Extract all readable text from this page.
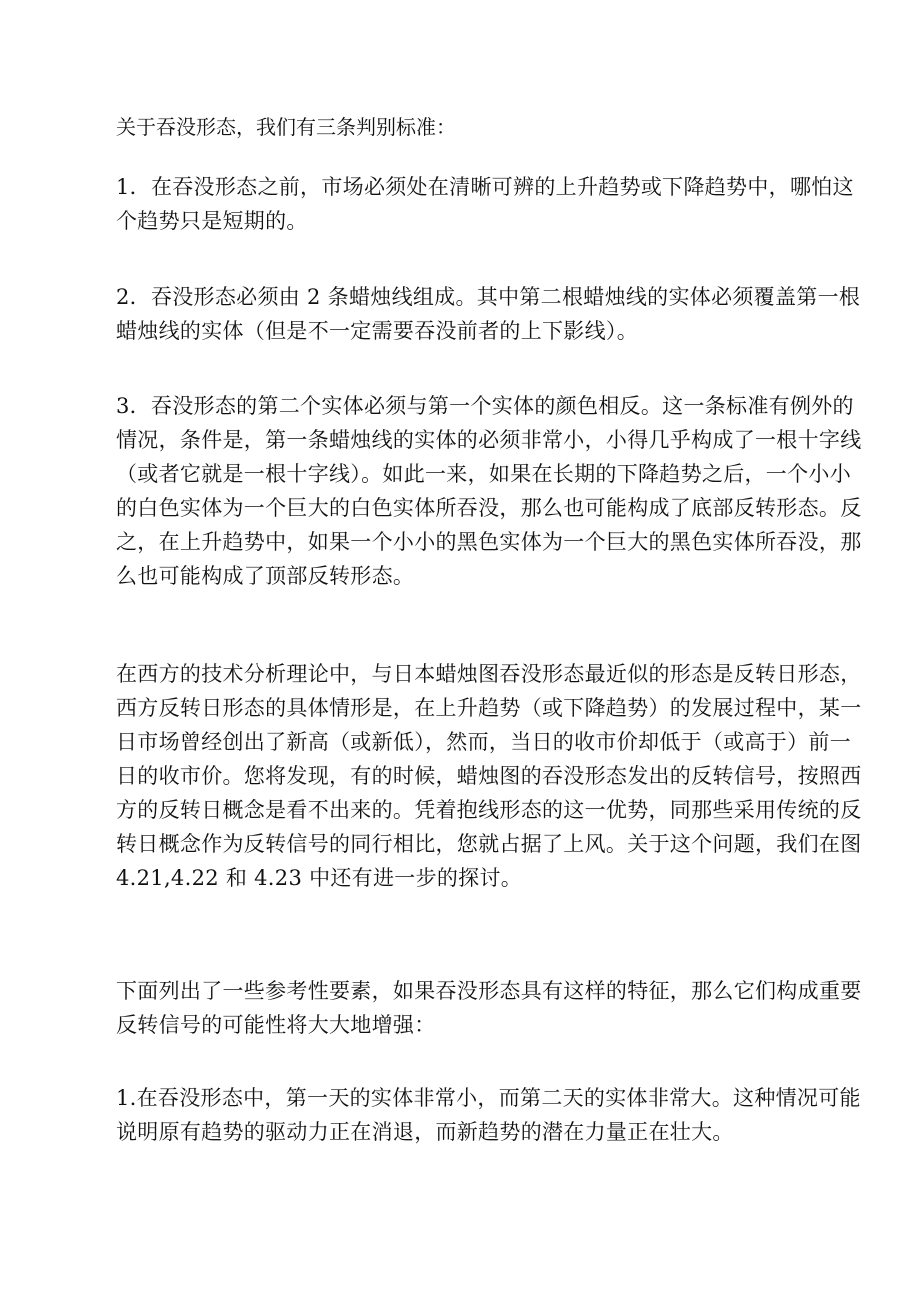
关于吞没形态，我们有三条判别标准：

1．在吞没形态之前，市场必须处在清晰可辨的上升趋势或下降趋势中，哪怕这个趋势只是短期的。

2．吞没形态必须由 2 条蜡烛线组成。其中第二根蜡烛线的实体必须覆盖第一根蜡烛线的实体（但是不一定需要吞没前者的上下影线）。

3．吞没形态的第二个实体必须与第一个实体的颜色相反。这一条标准有例外的情况，条件是，第一条蜡烛线的实体的必须非常小，小得几乎构成了一根十字线（或者它就是一根十字线）。如此一来，如果在长期的下降趋势之后，一个小小的白色实体为一个巨大的白色实体所吞没，那么也可能构成了底部反转形态。反之，在上升趋势中，如果一个小小的黑色实体为一个巨大的黑色实体所吞没，那么也可能构成了顶部反转形态。

在西方的技术分析理论中，与日本蜡烛图吞没形态最近似的形态是反转日形态，西方反转日形态的具体情形是，在上升趋势（或下降趋势）的发展过程中，某一日市场曾经创出了新高（或新低），然而，当日的收市价却低于（或高于）前一日的收市价。您将发现，有的时候，蜡烛图的吞没形态发出的反转信号，按照西方的反转日概念是看不出来的。凭着抱线形态的这一优势，同那些采用传统的反转日概念作为反转信号的同行相比，您就占据了上风。关于这个问题，我们在图 4.21,4.22 和 4.23 中还有进一步的探讨。

下面列出了一些参考性要素，如果吞没形态具有这样的特征，那么它们构成重要反转信号的可能性将大大地增强：

1.在吞没形态中，第一天的实体非常小，而第二天的实体非常大。这种情况可能说明原有趋势的驱动力正在消退，而新趋势的潜在力量正在壮大。
